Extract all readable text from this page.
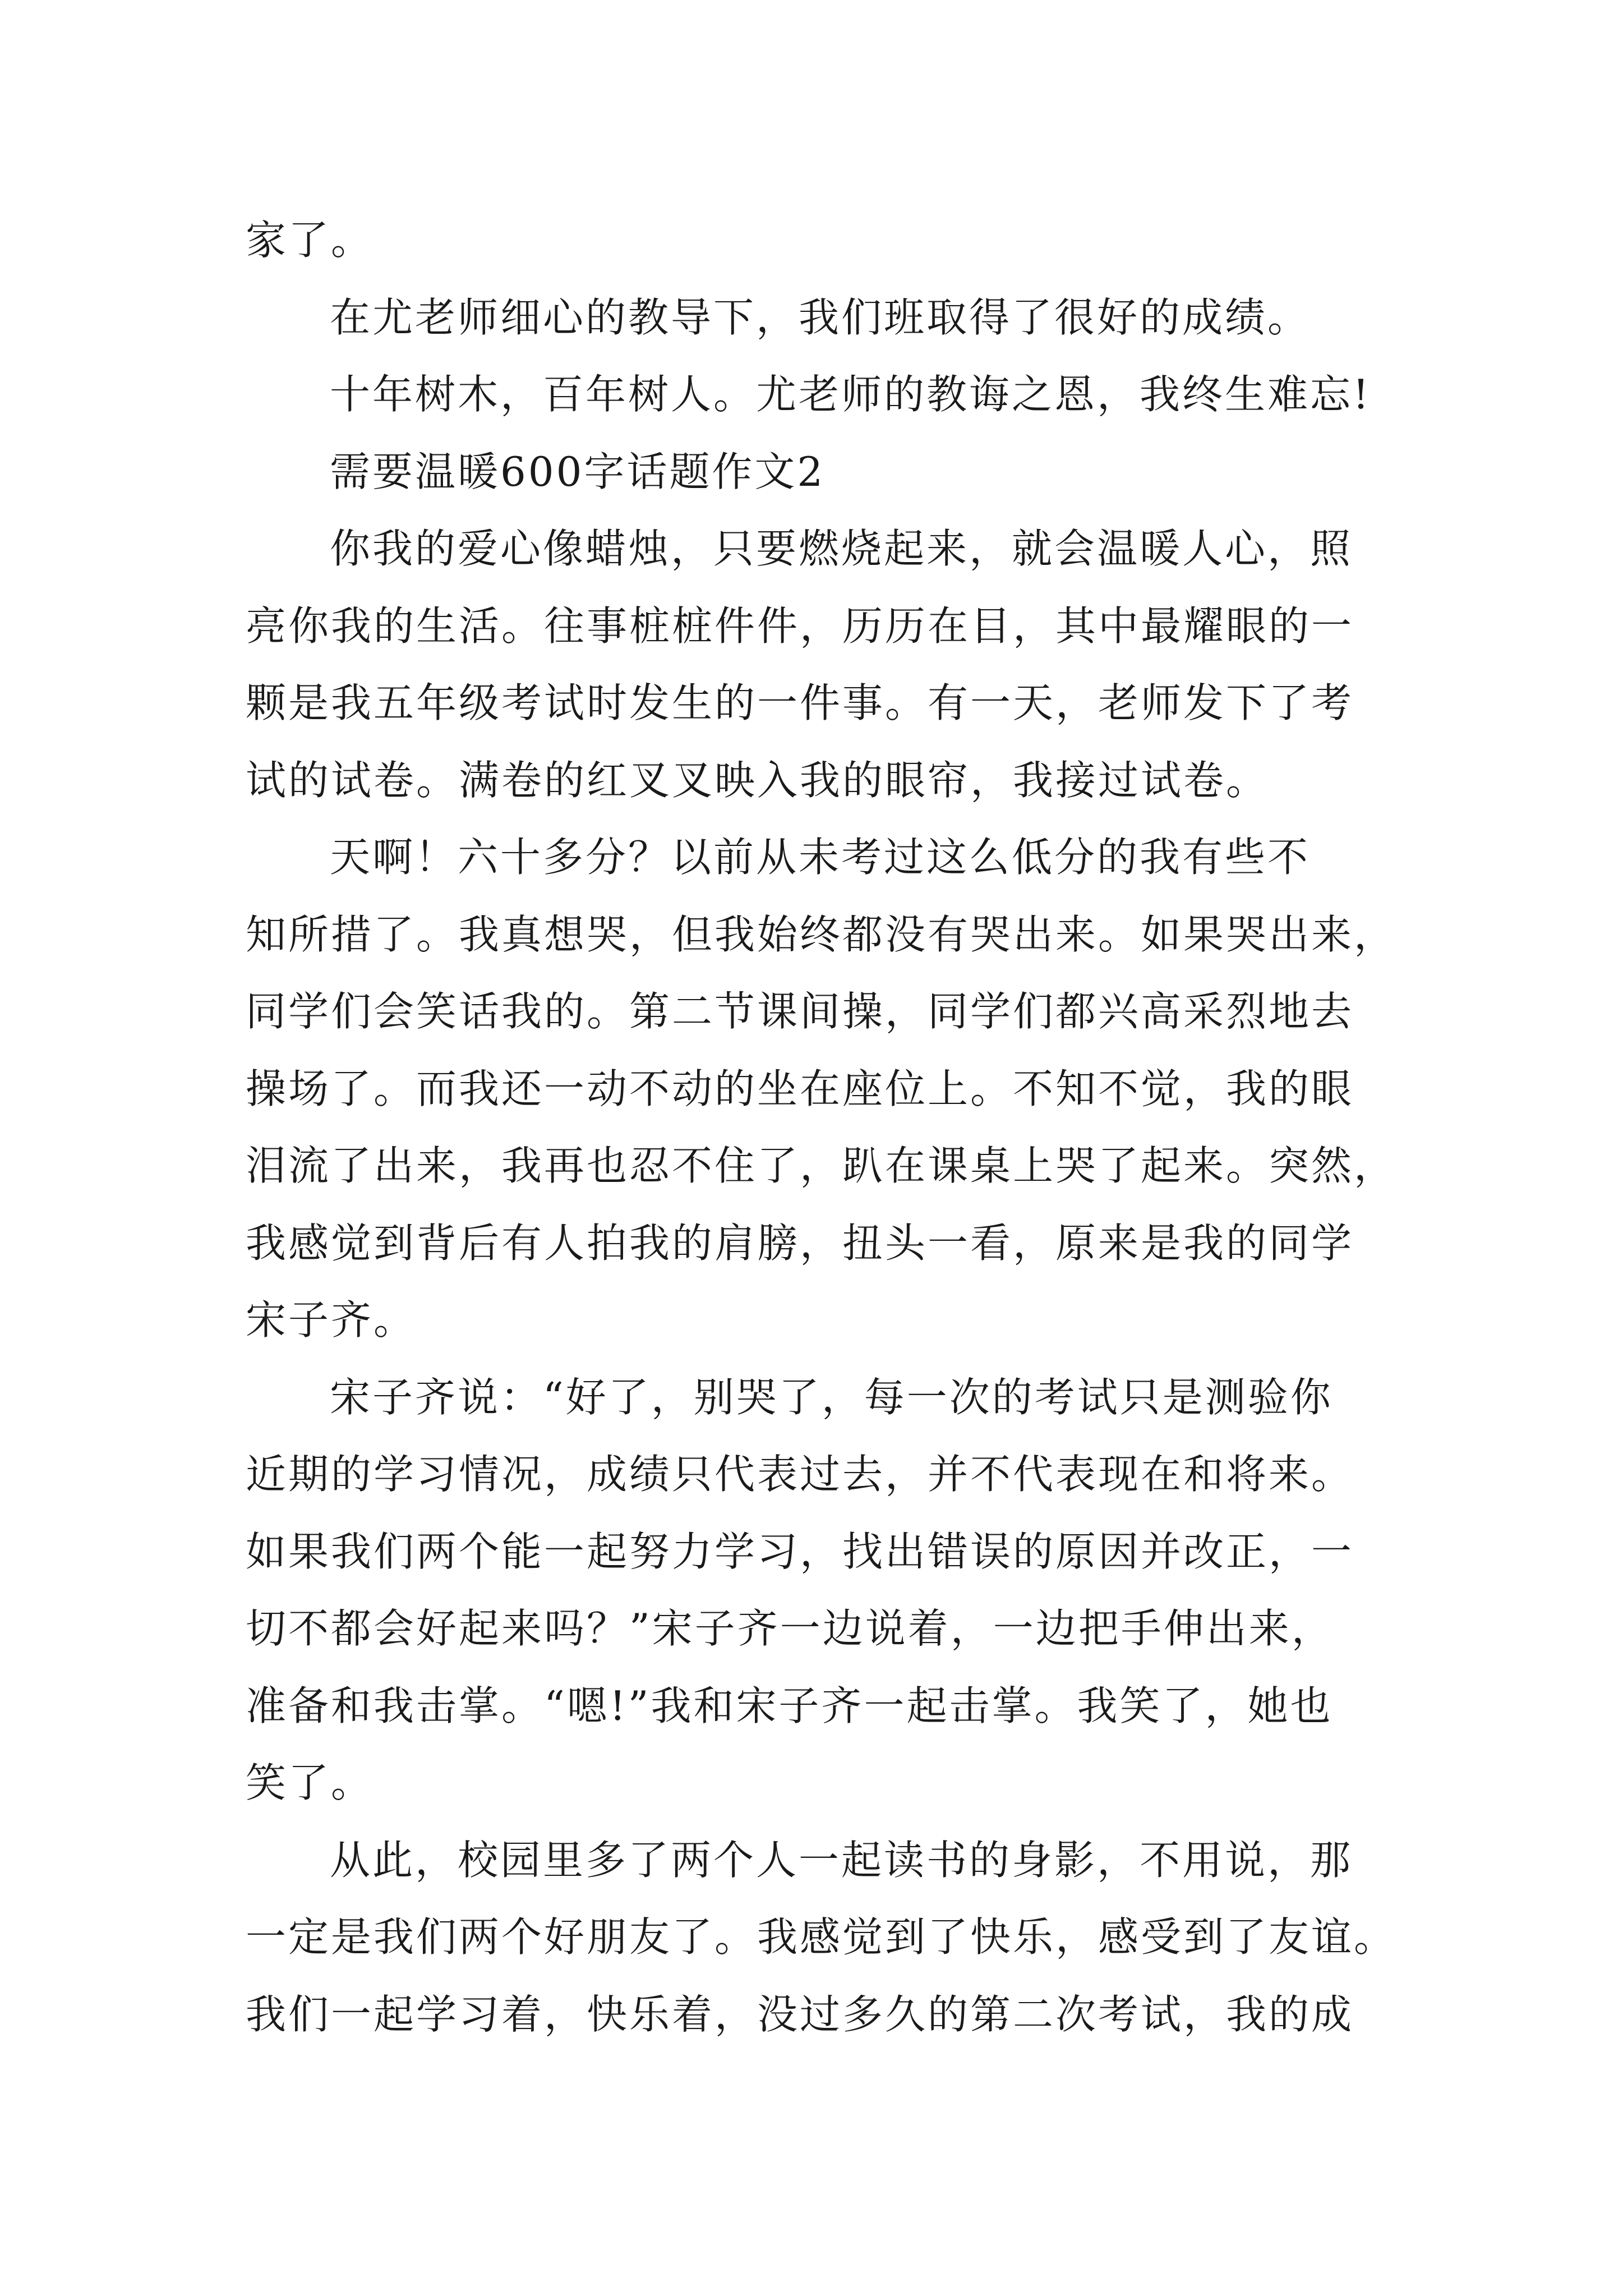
家了。
在尤老师细心的教导下，我们班取得了很好的成绩。
十年树木，百年树人。尤老师的教诲之恩，我终生难忘!
需要温暖600字话题作文2
你我的爱心像蜡烛，只要燃烧起来，就会温暖人心，照
亮你我的生活。往事桩桩件件，历历在目，其中最耀眼的一
颗是我五年级考试时发生的一件事。有一天，老师发下了考
试的试卷。满卷的红叉叉映入我的眼帘，我接过试卷。
天啊！六十多分？以前从未考过这么低分的我有些不
知所措了。我真想哭，但我始终都没有哭出来。如果哭出来，
同学们会笑话我的。第二节课间操，同学们都兴高采烈地去
操场了。而我还一动不动的坐在座位上。不知不觉，我的眼
泪流了出来，我再也忍不住了，趴在课桌上哭了起来。突然，
我感觉到背后有人拍我的肩膀，扭头一看，原来是我的同学
宋子齐。
宋子齐说：“好了，别哭了，每一次的考试只是测验你
近期的学习情况，成绩只代表过去，并不代表现在和将来。
如果我们两个能一起努力学习，找出错误的原因并改正，一
切不都会好起来吗？”宋子齐一边说着，一边把手伸出来，
准备和我击掌。“嗯!”我和宋子齐一起击掌。我笑了，她也
笑了。
从此，校园里多了两个人一起读书的身影，不用说，那
一定是我们两个好朋友了。我感觉到了快乐，感受到了友谊。
我们一起学习着，快乐着，没过多久的第二次考试，我的成
